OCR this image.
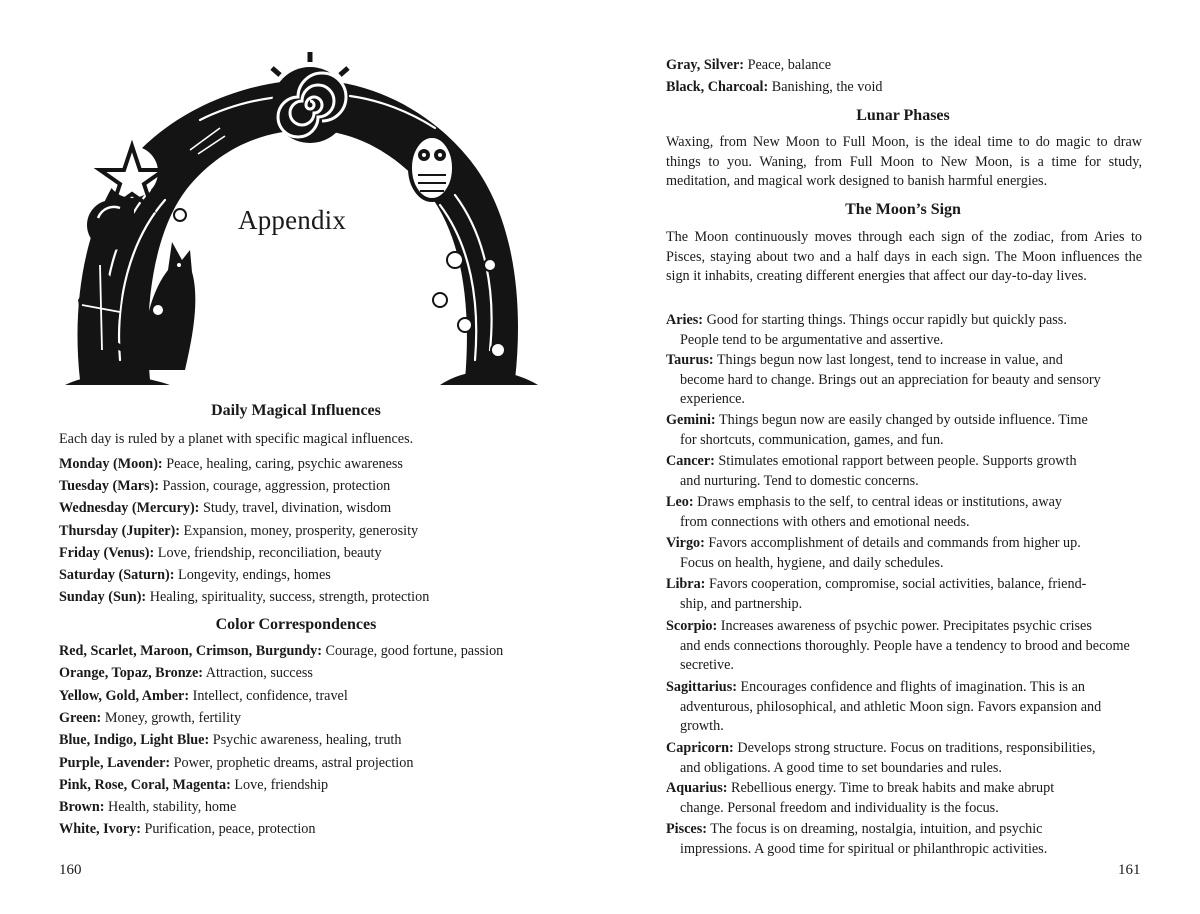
Appendix
Daily Magical Influences
Each day is ruled by a planet with specific magical influences.
Monday (Moon): Peace, healing, caring, psychic awareness
Tuesday (Mars): Passion, courage, aggression, protection
Wednesday (Mercury): Study, travel, divination, wisdom
Thursday (Jupiter): Expansion, money, prosperity, generosity
Friday (Venus): Love, friendship, reconciliation, beauty
Saturday (Saturn): Longevity, endings, homes
Sunday (Sun): Healing, spirituality, success, strength, protection
Color Correspondences
Red, Scarlet, Maroon, Crimson, Burgundy: Courage, good fortune, passion
Orange, Topaz, Bronze: Attraction, success
Yellow, Gold, Amber: Intellect, confidence, travel
Green: Money, growth, fertility
Blue, Indigo, Light Blue: Psychic awareness, healing, truth
Purple, Lavender: Power, prophetic dreams, astral projection
Pink, Rose, Coral, Magenta: Love, friendship
Brown: Health, stability, home
White, Ivory: Purification, peace, protection
160
Gray, Silver: Peace, balance
Black, Charcoal: Banishing, the void
Lunar Phases
Waxing, from New Moon to Full Moon, is the ideal time to do magic to draw things to you. Waning, from Full Moon to New Moon, is a time for study, meditation, and magical work designed to banish harmful energies.
The Moon’s Sign
The Moon continuously moves through each sign of the zodiac, from Aries to Pisces, staying about two and a half days in each sign. The Moon influences the sign it inhabits, creating different energies that affect our day-to-day lives.
Aries: Good for starting things. Things occur rapidly but quickly pass.
People tend to be argumentative and assertive.
Taurus: Things begun now last longest, tend to increase in value, and
become hard to change. Brings out an appreciation for beauty and sensory experience.
Gemini: Things begun now are easily changed by outside influence. Time
for shortcuts, communication, games, and fun.
Cancer: Stimulates emotional rapport between people. Supports growth
and nurturing. Tend to domestic concerns.
Leo: Draws emphasis to the self, to central ideas or institutions, away
from connections with others and emotional needs.
Virgo: Favors accomplishment of details and commands from higher up.
Focus on health, hygiene, and daily schedules.
Libra: Favors cooperation, compromise, social activities, balance, friend-
ship, and partnership.
Scorpio: Increases awareness of psychic power. Precipitates psychic crises
and ends connections thoroughly. People have a tendency to brood and become secretive.
Sagittarius: Encourages confidence and flights of imagination. This is an
adventurous, philosophical, and athletic Moon sign. Favors expansion and growth.
Capricorn: Develops strong structure. Focus on traditions, responsibilities,
and obligations. A good time to set boundaries and rules.
Aquarius: Rebellious energy. Time to break habits and make abrupt
change. Personal freedom and individuality is the focus.
Pisces: The focus is on dreaming, nostalgia, intuition, and psychic
impressions. A good time for spiritual or philanthropic activities.
161
